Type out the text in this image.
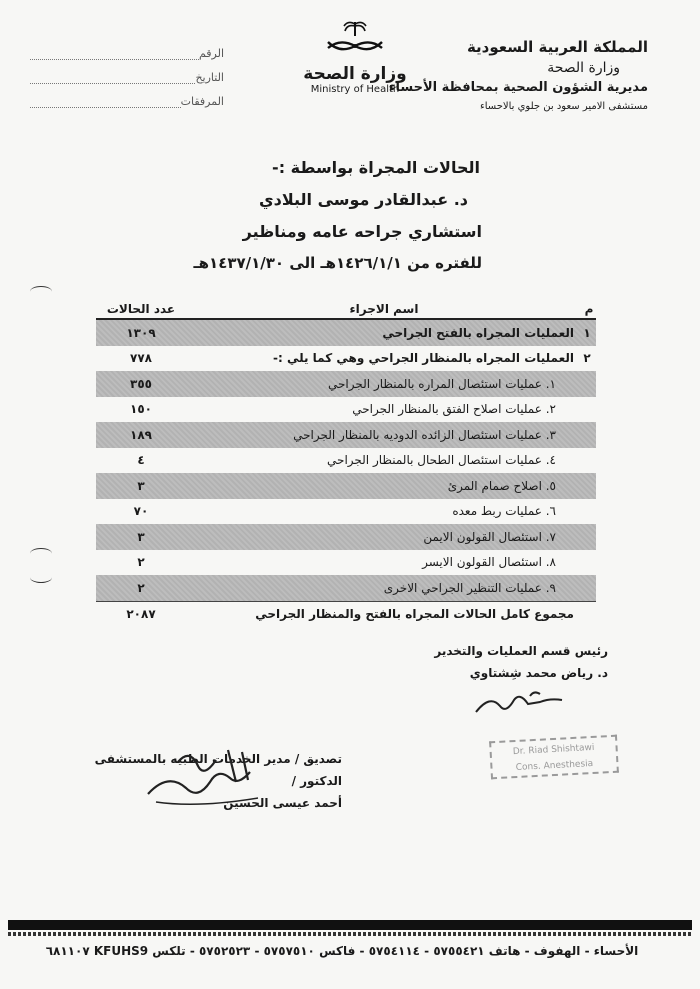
المملكة العربية السعودية
وزارة الصحة
مديرية الشؤون الصحية بمحافظة الأحساء
مستشفى الامير سعود بن جلوي بالاحساء
وزارة الصحة
Ministry of Health
الرقم
التاريخ
المرفقات
الحالات المجراة بواسطة :-
د. عبدالقادر موسى البلادي
استشاري جراحه عامه ومناظير
للفتره من ١٤٢٦/١/١هـ الى ١٤٣٧/١/٣٠هـ
م
اسم الاجراء
عدد الحالات
١
العمليات المجراه بالفتح الجراحي
١٣٠٩
٢
العمليات المجراه بالمنظار الجراحي وهي كما يلي :-
٧٧٨
١. عمليات استئصال المراره بالمنظار الجراحي
٣٥٥
٢. عمليات اصلاح الفتق بالمنظار الجراحي
١٥٠
٣. عمليات استئصال الزائده الدوديه بالمنظار الجراحي
١٨٩
٤. عمليات استئصال الطحال بالمنظار الجراحي
٤
٥. اصلاح صمام المرئ
٣
٦. عمليات ربط معده
٧٠
٧. استئصال القولون الايمن
٣
٨. استئصال القولون الايسر
٢
٩. عمليات التنظير الجراحي الاخرى
٢
مجموع كامل الحالات المجراه بالفتح والمنظار الجراحي
٢٠٨٧
رئيس قسم العمليات والتخدير
د. رياض محمد شِشتاوي
Dr. Riad Shishtawi
Cons. Anesthesia
تصديق / مدير الخدمات الطبيه بالمستشفى
الدكتور /
أحمد عيسى الحسين
الأحساء - الهفوف - هاتف ٥٧٥٥٤٢١ - ٥٧٥٤١١٤ - فاكس ٥٧٥٧٥١٠ - ٥٧٥٢٥٢٣ - تلكس KFUHS9 ٦٨١١٠٧
